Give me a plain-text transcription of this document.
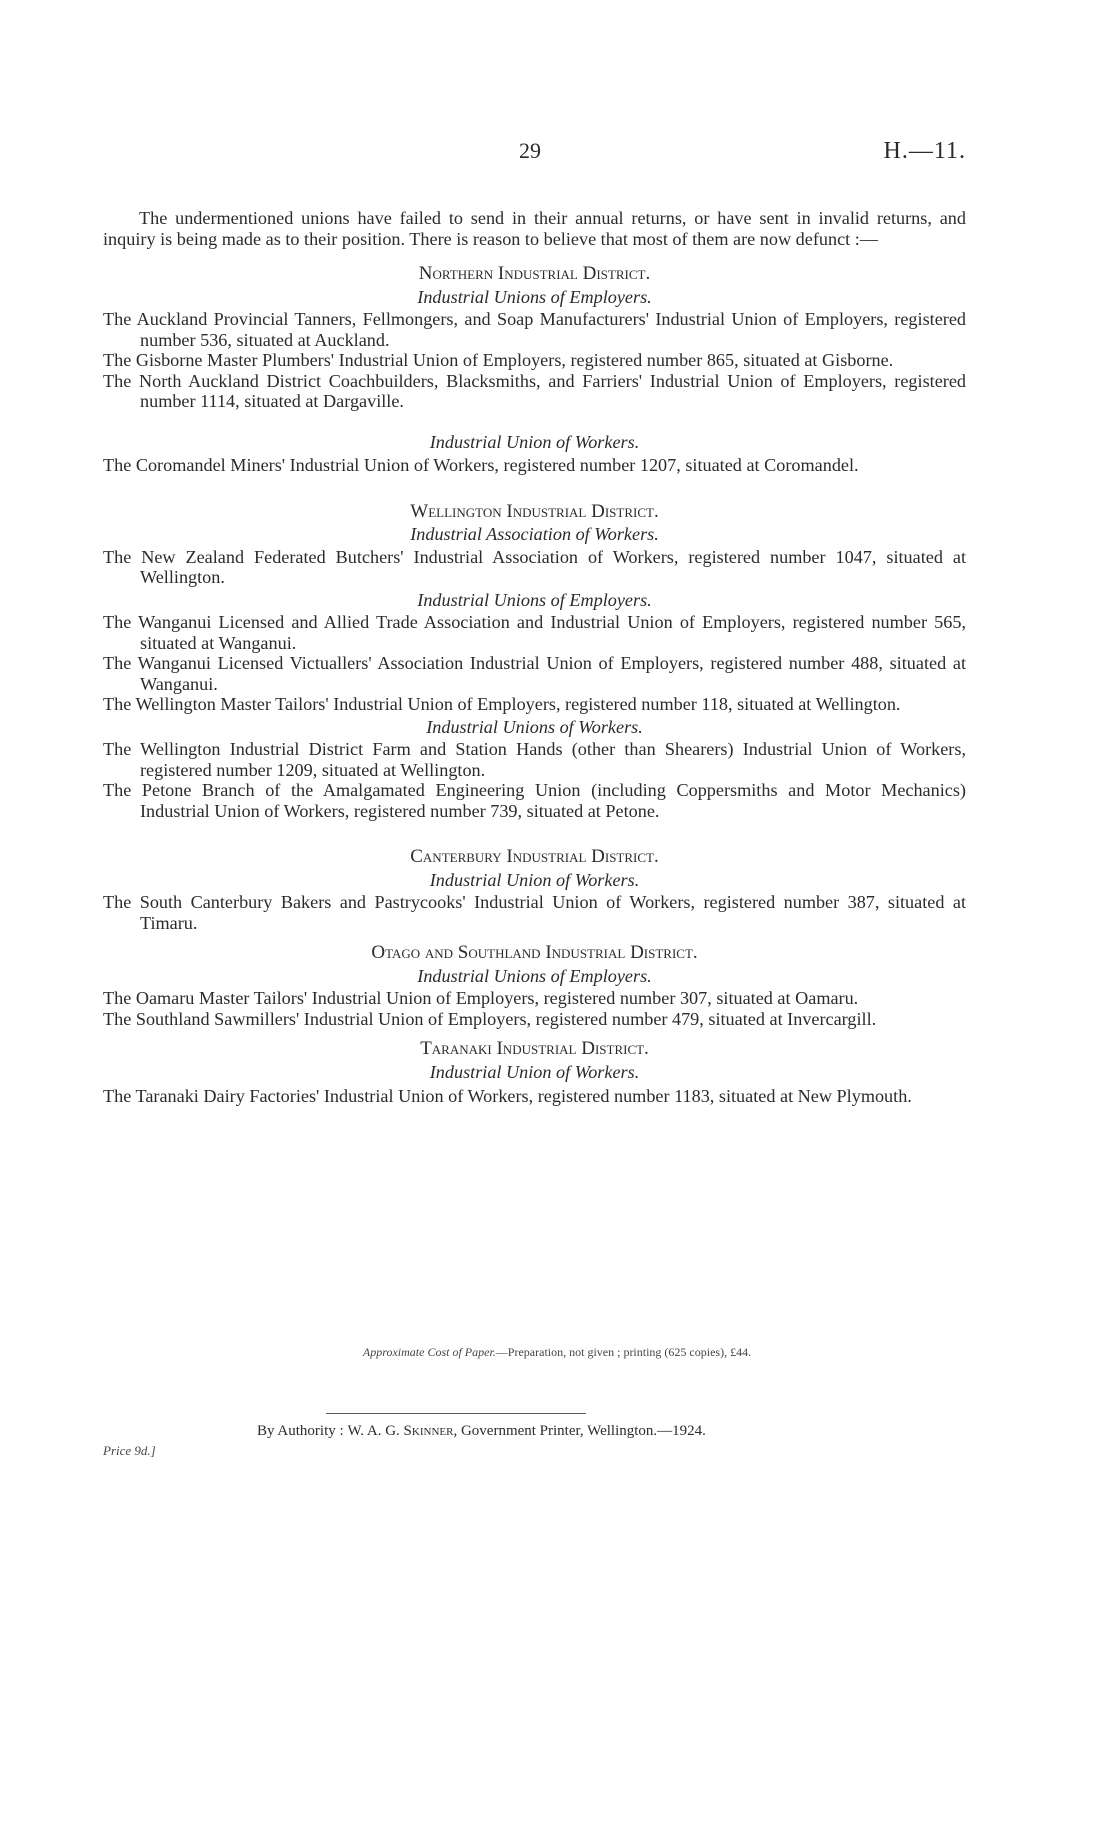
29	H.—11.

The undermentioned unions have failed to send in their annual returns, or have sent in invalid returns, and inquiry is being made as to their position. There is reason to believe that most of them are now defunct :—

Northern Industrial District.

Industrial Unions of Employers.

The Auckland Provincial Tanners, Fellmongers, and Soap Manufacturers' Industrial Union of Employers, registered number 536, situated at Auckland.

The Gisborne Master Plumbers' Industrial Union of Employers, registered number 865, situated at Gisborne.

The North Auckland District Coachbuilders, Blacksmiths, and Farriers' Industrial Union of Employers, registered number 1114, situated at Dargaville.

Industrial Union of Workers.

The Coromandel Miners' Industrial Union of Workers, registered number 1207, situated at Coromandel.

Wellington Industrial District.

Industrial Association of Workers.

The New Zealand Federated Butchers' Industrial Association of Workers, registered number 1047, situated at Wellington.

Industrial Unions of Employers.

The Wanganui Licensed and Allied Trade Association and Industrial Union of Employers, registered number 565, situated at Wanganui.

The Wanganui Licensed Victuallers' Association Industrial Union of Employers, registered number 488, situated at Wanganui.

The Wellington Master Tailors' Industrial Union of Employers, registered number 118, situated at Wellington.

Industrial Unions of Workers.

The Wellington Industrial District Farm and Station Hands (other than Shearers) Industrial Union of Workers, registered number 1209, situated at Wellington.

The Petone Branch of the Amalgamated Engineering Union (including Coppersmiths and Motor Mechanics) Industrial Union of Workers, registered number 739, situated at Petone.

Canterbury Industrial District.

Industrial Union of Workers.

The South Canterbury Bakers and Pastrycooks' Industrial Union of Workers, registered number 387, situated at Timaru.

Otago and Southland Industrial District.

Industrial Unions of Employers.

The Oamaru Master Tailors' Industrial Union of Employers, registered number 307, situated at Oamaru.

The Southland Sawmillers' Industrial Union of Employers, registered number 479, situated at Invercargill.

Taranaki Industrial District.

Industrial Union of Workers.

The Taranaki Dairy Factories' Industrial Union of Workers, registered number 1183, situated at New Plymouth.

Approximate Cost of Paper.—Preparation, not given ; printing (625 copies), £44.
By Authority : W. A. G. Skinner, Government Printer, Wellington.—1924.
Price 9d.]
